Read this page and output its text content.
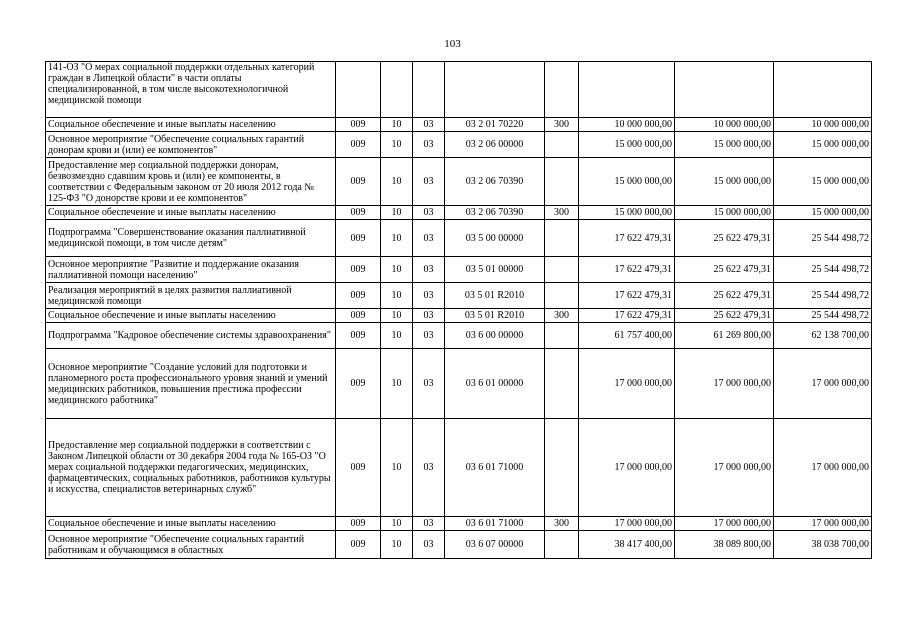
103
141-ОЗ "О мерах социальной поддержки отдельных категорий граждан в Липецкой области" в части оплаты специализированной, в том числе высокотехнологичной медицинской помощи								
Социальное обеспечение и иные выплаты населению	009	10	03	03 2 01 70220	300	10 000 000,00	10 000 000,00	10 000 000,00
Основное мероприятие "Обеспечение социальных гарантий донорам крови и (или) ее компонентов"	009	10	03	03 2 06 00000		15 000 000,00	15 000 000,00	15 000 000,00
Предоставление мер социальной поддержки донорам, безвозмездно сдавшим кровь и (или) ее компоненты, в соответствии с Федеральным законом от 20 июля 2012 года № 125-ФЗ "О донорстве крови и ее компонентов"	009	10	03	03 2 06 70390		15 000 000,00	15 000 000,00	15 000 000,00
Социальное обеспечение и иные выплаты населению	009	10	03	03 2 06 70390	300	15 000 000,00	15 000 000,00	15 000 000,00
Подпрограмма "Совершенствование оказания паллиативной медицинской помощи, в том числе детям"	009	10	03	03 5 00 00000		17 622 479,31	25 622 479,31	25 544 498,72
Основное мероприятие "Развитие и поддержание оказания паллиативной помощи населению"	009	10	03	03 5 01 00000		17 622 479,31	25 622 479,31	25 544 498,72
Реализация мероприятий в целях развития паллиативной медицинской помощи	009	10	03	03 5 01 R2010		17 622 479,31	25 622 479,31	25 544 498,72
Социальное обеспечение и иные выплаты населению	009	10	03	03 5 01 R2010	300	17 622 479,31	25 622 479,31	25 544 498,72
Подпрограмма "Кадровое обеспечение системы здравоохранения"	009	10	03	03 6 00 00000		61 757 400,00	61 269 800,00	62 138 700,00
Основное мероприятие "Создание условий для подготовки и планомерного роста профессионального уровня знаний и умений медицинских работников, повышения престижа профессии медицинского работника"	009	10	03	03 6 01 00000		17 000 000,00	17 000 000,00	17 000 000,00
Предоставление мер социальной поддержки в соответствии с Законом Липецкой области от 30 декабря 2004 года № 165-ОЗ "О мерах социальной поддержки педагогических, медицинских, фармацевтических, социальных работников, работников культуры и искусства, специалистов ветеринарных служб"	009	10	03	03 6 01 71000		17 000 000,00	17 000 000,00	17 000 000,00
Социальное обеспечение и иные выплаты населению	009	10	03	03 6 01 71000	300	17 000 000,00	17 000 000,00	17 000 000,00
Основное мероприятие "Обеспечение социальных гарантий работникам и обучающимся в областных	009	10	03	03 6 07 00000		38 417 400,00	38 089 800,00	38 038 700,00
